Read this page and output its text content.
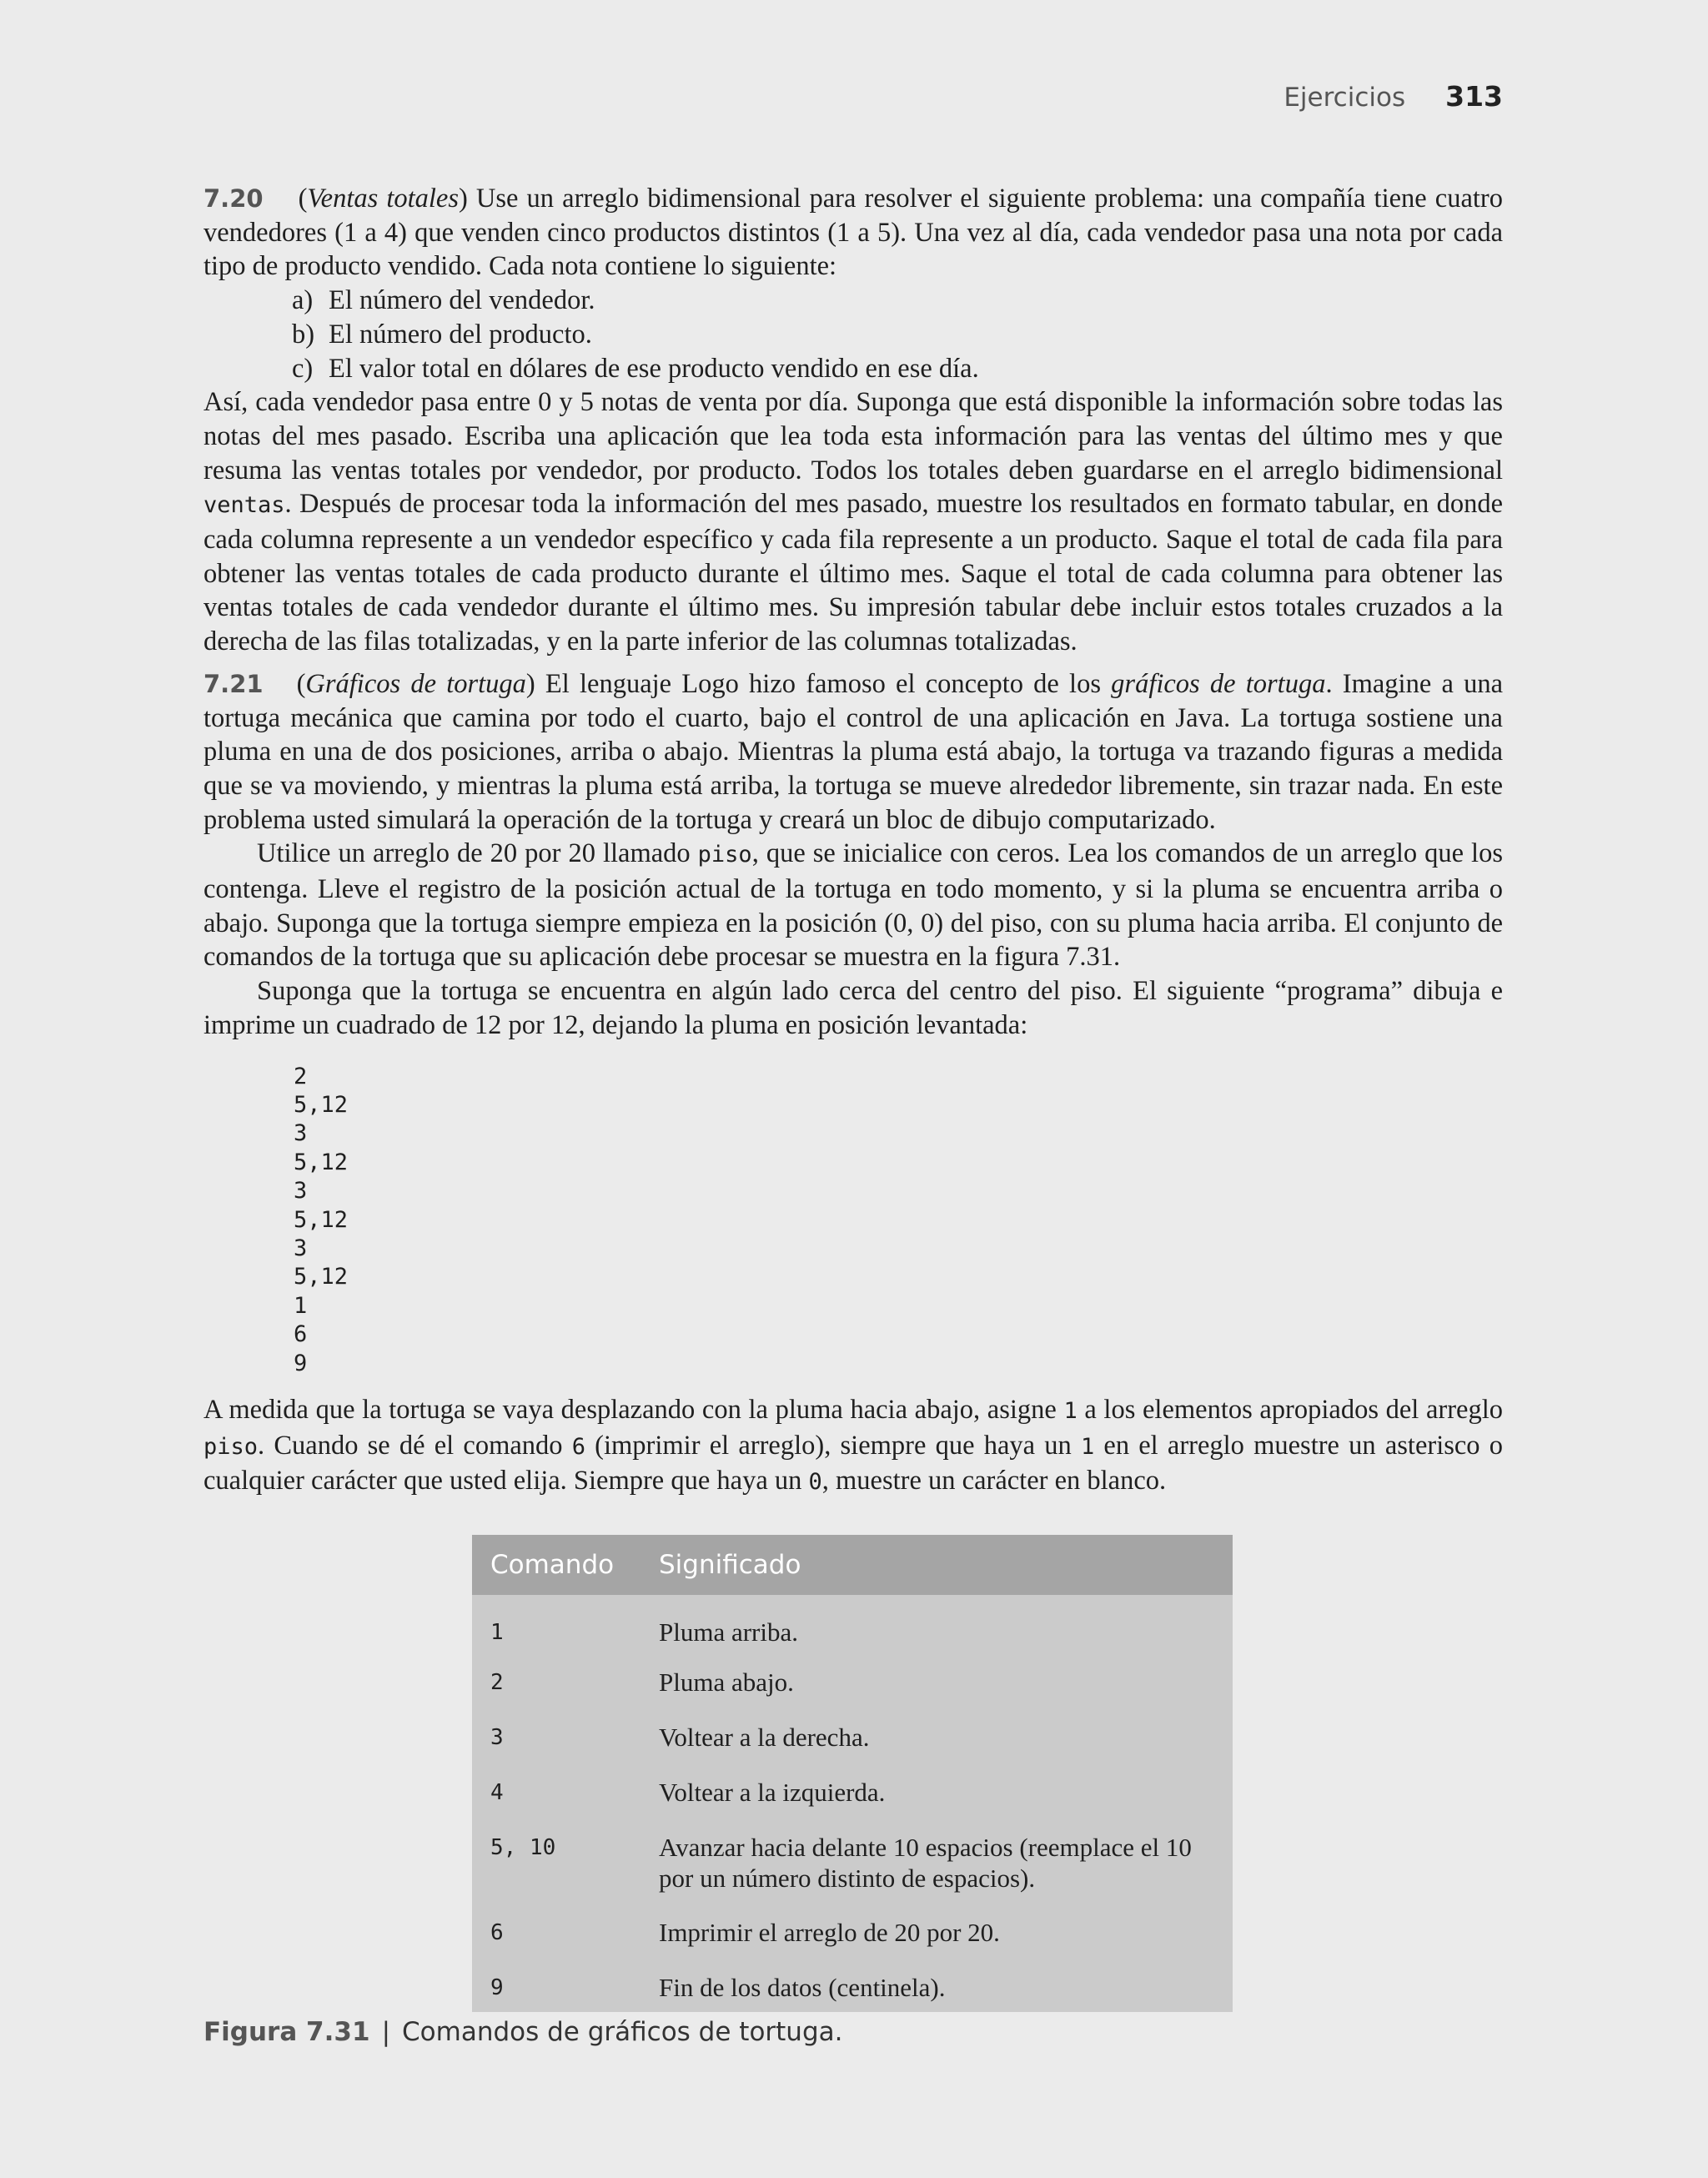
Ejercicios 313

7.20 (Ventas totales) Use un arreglo bidimensional para resolver el siguiente problema: una compañía tiene cuatro vendedores (1 a 4) que venden cinco productos distintos (1 a 5). Una vez al día, cada vendedor pasa una nota por cada tipo de producto vendido. Cada nota contiene lo siguiente:

a) El número del vendedor.
b) El número del producto.
c) El valor total en dólares de ese producto vendido en ese día.

Así, cada vendedor pasa entre 0 y 5 notas de venta por día. Suponga que está disponible la información sobre todas las notas del mes pasado. Escriba una aplicación que lea toda esta información para las ventas del último mes y que resuma las ventas totales por vendedor, por producto. Todos los totales deben guardarse en el arreglo bidimensional ventas. Después de procesar toda la información del mes pasado, muestre los resultados en formato tabular, en donde cada columna represente a un vendedor específico y cada fila represente a un producto. Saque el total de cada fila para obtener las ventas totales de cada producto durante el último mes. Saque el total de cada columna para obtener las ventas totales de cada vendedor durante el último mes. Su impresión tabular debe incluir estos totales cruzados a la derecha de las filas totalizadas, y en la parte inferior de las columnas totalizadas.

7.21 (Gráficos de tortuga) El lenguaje Logo hizo famoso el concepto de los gráficos de tortuga. Imagine a una tortuga mecánica que camina por todo el cuarto, bajo el control de una aplicación en Java. La tortuga sostiene una pluma en una de dos posiciones, arriba o abajo. Mientras la pluma está abajo, la tortuga va trazando figuras a medida que se va moviendo, y mientras la pluma está arriba, la tortuga se mueve alrededor libremente, sin trazar nada. En este problema usted simulará la operación de la tortuga y creará un bloc de dibujo computarizado.

Utilice un arreglo de 20 por 20 llamado piso, que se inicialice con ceros. Lea los comandos de un arreglo que los contenga. Lleve el registro de la posición actual de la tortuga en todo momento, y si la pluma se encuentra arriba o abajo. Suponga que la tortuga siempre empieza en la posición (0, 0) del piso, con su pluma hacia arriba. El conjunto de comandos de la tortuga que su aplicación debe procesar se muestra en la figura 7.31.

Suponga que la tortuga se encuentra en algún lado cerca del centro del piso. El siguiente “programa” dibuja e imprime un cuadrado de 12 por 12, dejando la pluma en posición levantada:

2
5,12
3
5,12
3
5,12
3
5,12
1
6
9

A medida que la tortuga se vaya desplazando con la pluma hacia abajo, asigne 1 a los elementos apropiados del arreglo piso. Cuando se dé el comando 6 (imprimir el arreglo), siempre que haya un 1 en el arreglo muestre un asterisco o cualquier carácter que usted elija. Siempre que haya un 0, muestre un carácter en blanco.

Comando	Significado
1	Pluma arriba.
2	Pluma abajo.
3	Voltear a la derecha.
4	Voltear a la izquierda.
5, 10	Avanzar hacia delante 10 espacios (reemplace el 10 por un número distinto de espacios).
6	Imprimir el arreglo de 20 por 20.
9	Fin de los datos (centinela).
Figura 7.31 | Comandos de gráficos de tortuga.
